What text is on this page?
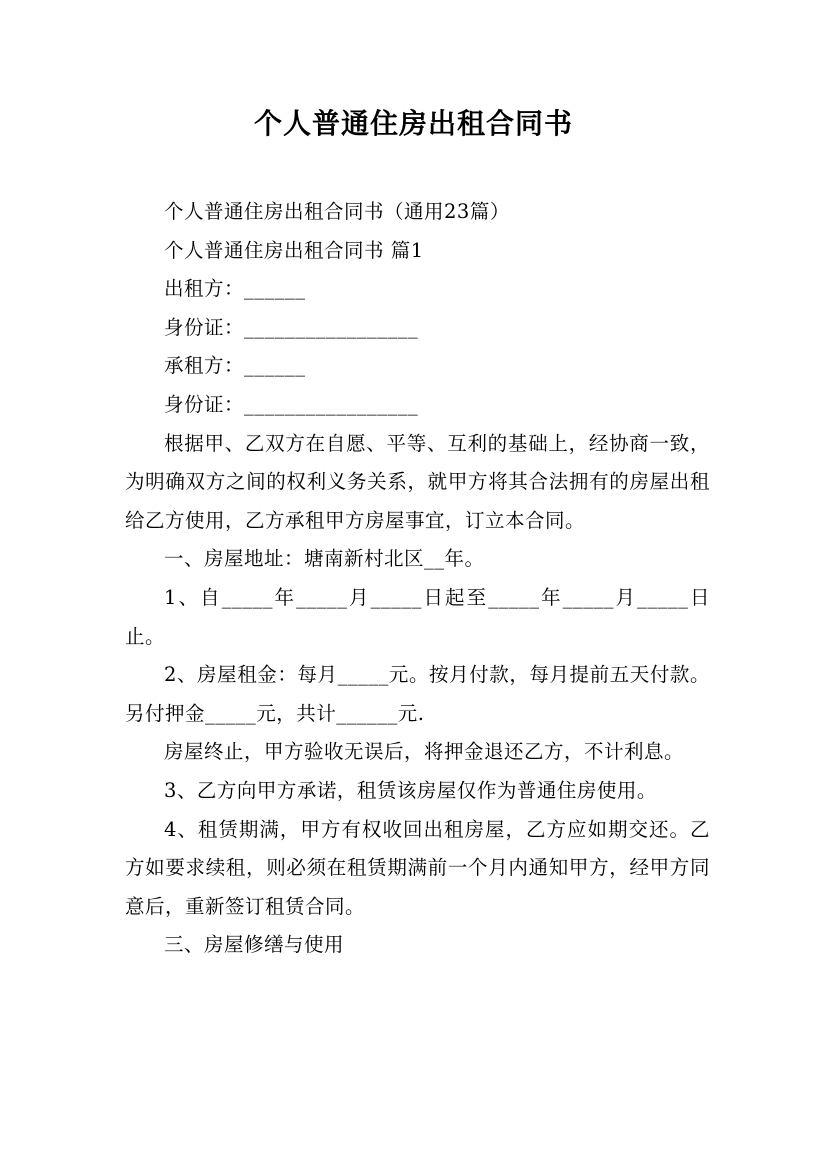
个人普通住房出租合同书

个人普通住房出租合同书（通用23篇）

个人普通住房出租合同书 篇1

出租方：______

身份证：_________________

承租方：______

身份证：_________________

根据甲、乙双方在自愿、平等、互利的基础上，经协商一致，为明确双方之间的权利义务关系，就甲方将其合法拥有的房屋出租给乙方使用，乙方承租甲方房屋事宜，订立本合同。

一、房屋地址：塘南新村北区__年。

1、自_____年_____月_____日起至_____年_____月_____日止。

2、房屋租金：每月_____元。按月付款，每月提前五天付款。另付押金_____元，共计______元.

房屋终止，甲方验收无误后，将押金退还乙方，不计利息。

3、乙方向甲方承诺，租赁该房屋仅作为普通住房使用。

4、租赁期满，甲方有权收回出租房屋，乙方应如期交还。乙方如要求续租，则必须在租赁期满前一个月内通知甲方，经甲方同意后，重新签订租赁合同。

三、房屋修缮与使用
